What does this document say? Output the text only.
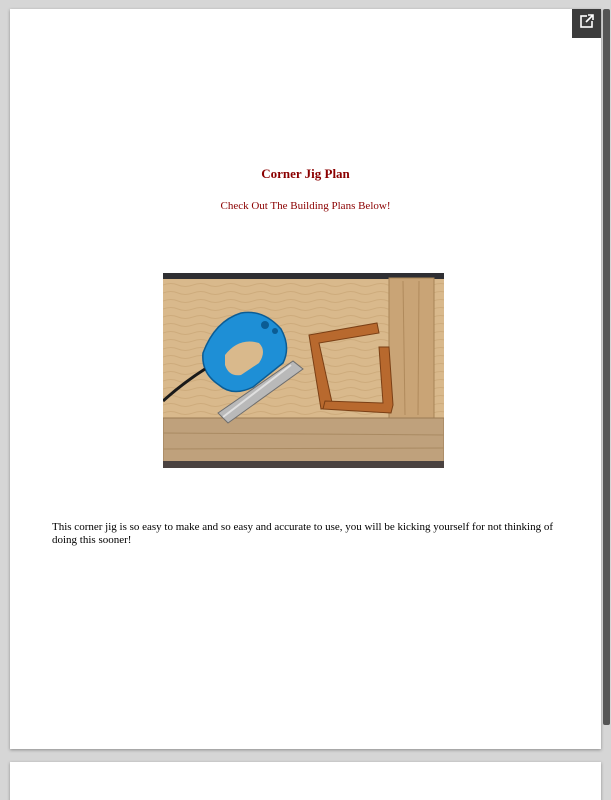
Corner Jig Plan
Check Out The Building Plans Below!
This corner jig is so easy to make and so easy and accurate to use, you will be kicking yourself for not thinking of doing this sooner!
